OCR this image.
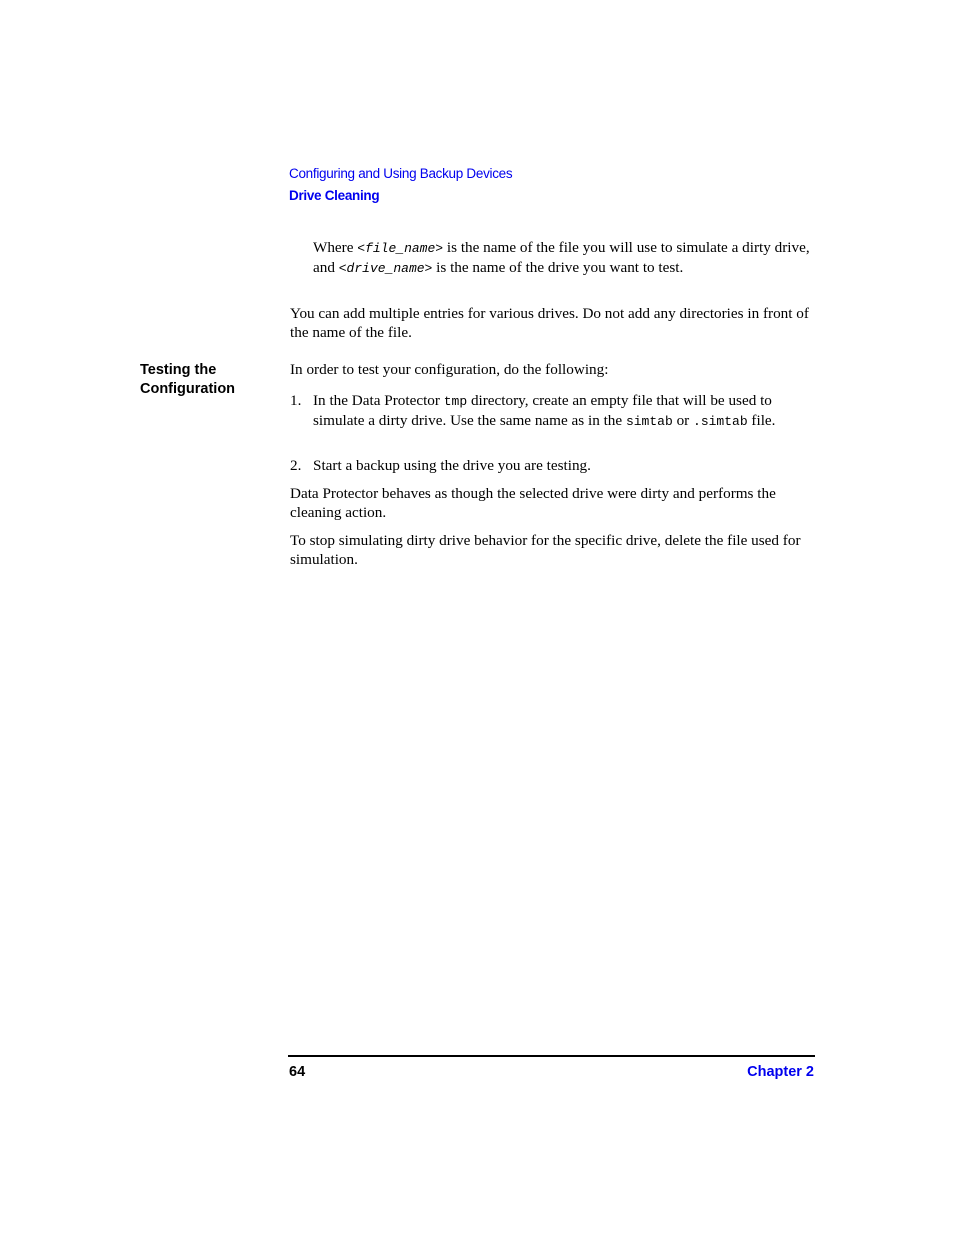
Configuring and Using Backup Devices
Drive Cleaning

Where <file_name> is the name of the file you will use to simulate a dirty drive, and <drive_name> is the name of the drive you want to test.

You can add multiple entries for various drives. Do not add any directories in front of the name of the file.

Testing the
Configuration

In order to test your configuration, do the following:

1. In the Data Protector tmp directory, create an empty file that will be used to simulate a dirty drive. Use the same name as in the simtab or .simtab file.

2. Start a backup using the drive you are testing.

Data Protector behaves as though the selected drive were dirty and performs the cleaning action.

To stop simulating dirty drive behavior for the specific drive, delete the file used for simulation.

64	Chapter 2
